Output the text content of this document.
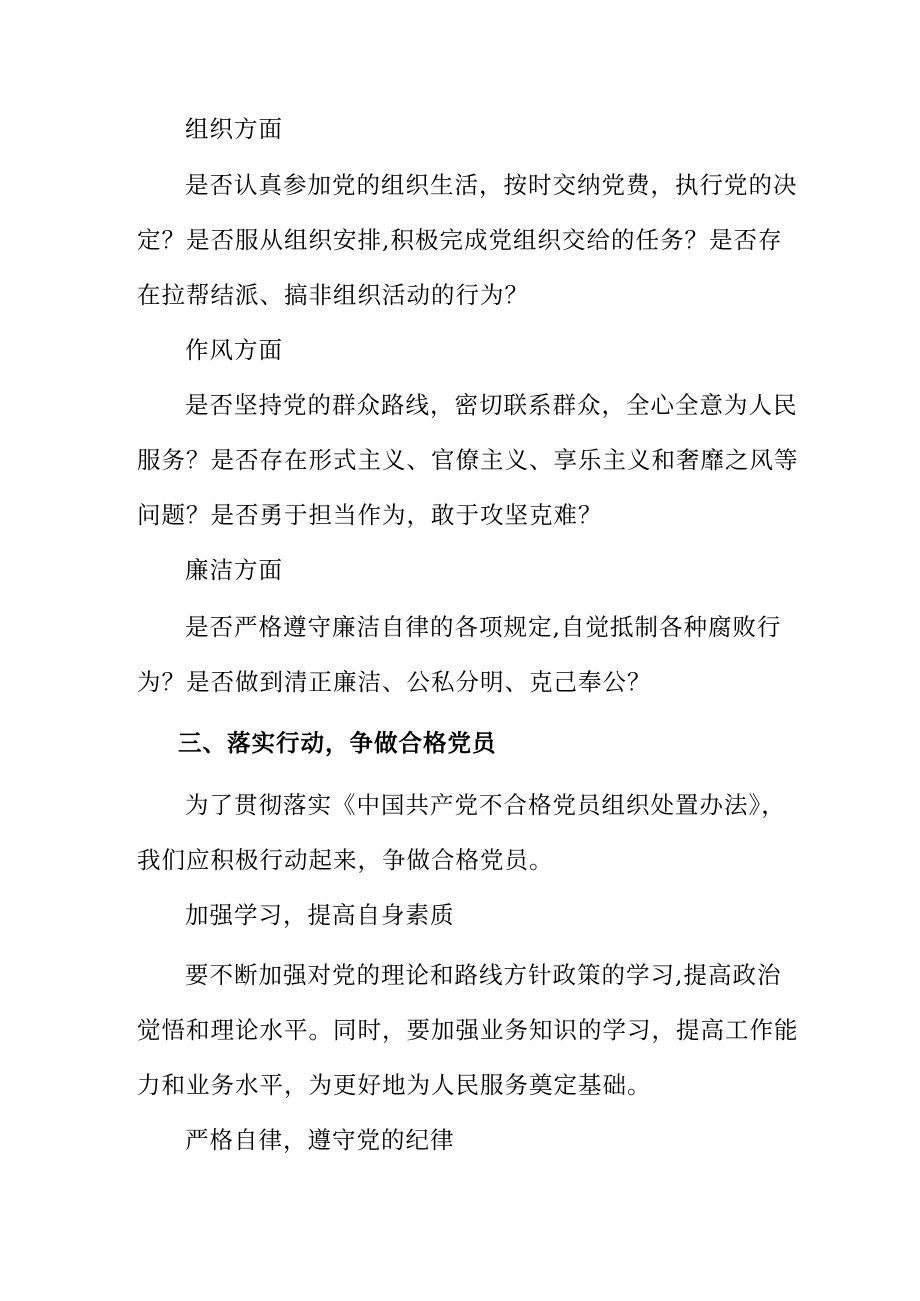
组织方面
是否认真参加党的组织生活，按时交纳党费，执行党的决
定？是否服从组织安排,积极完成党组织交给的任务？是否存
在拉帮结派、搞非组织活动的行为？
作风方面
是否坚持党的群众路线，密切联系群众，全心全意为人民
服务？是否存在形式主义、官僚主义、享乐主义和奢靡之风等
问题？是否勇于担当作为，敢于攻坚克难？
廉洁方面
是否严格遵守廉洁自律的各项规定,自觉抵制各种腐败行
为？是否做到清正廉洁、公私分明、克己奉公？
三、落实行动，争做合格党员
为了贯彻落实《中国共产党不合格党员组织处置办法》，
我们应积极行动起来，争做合格党员。
加强学习，提高自身素质
要不断加强对党的理论和路线方针政策的学习,提高政治
觉悟和理论水平。同时，要加强业务知识的学习，提高工作能
力和业务水平，为更好地为人民服务奠定基础。
严格自律，遵守党的纪律
